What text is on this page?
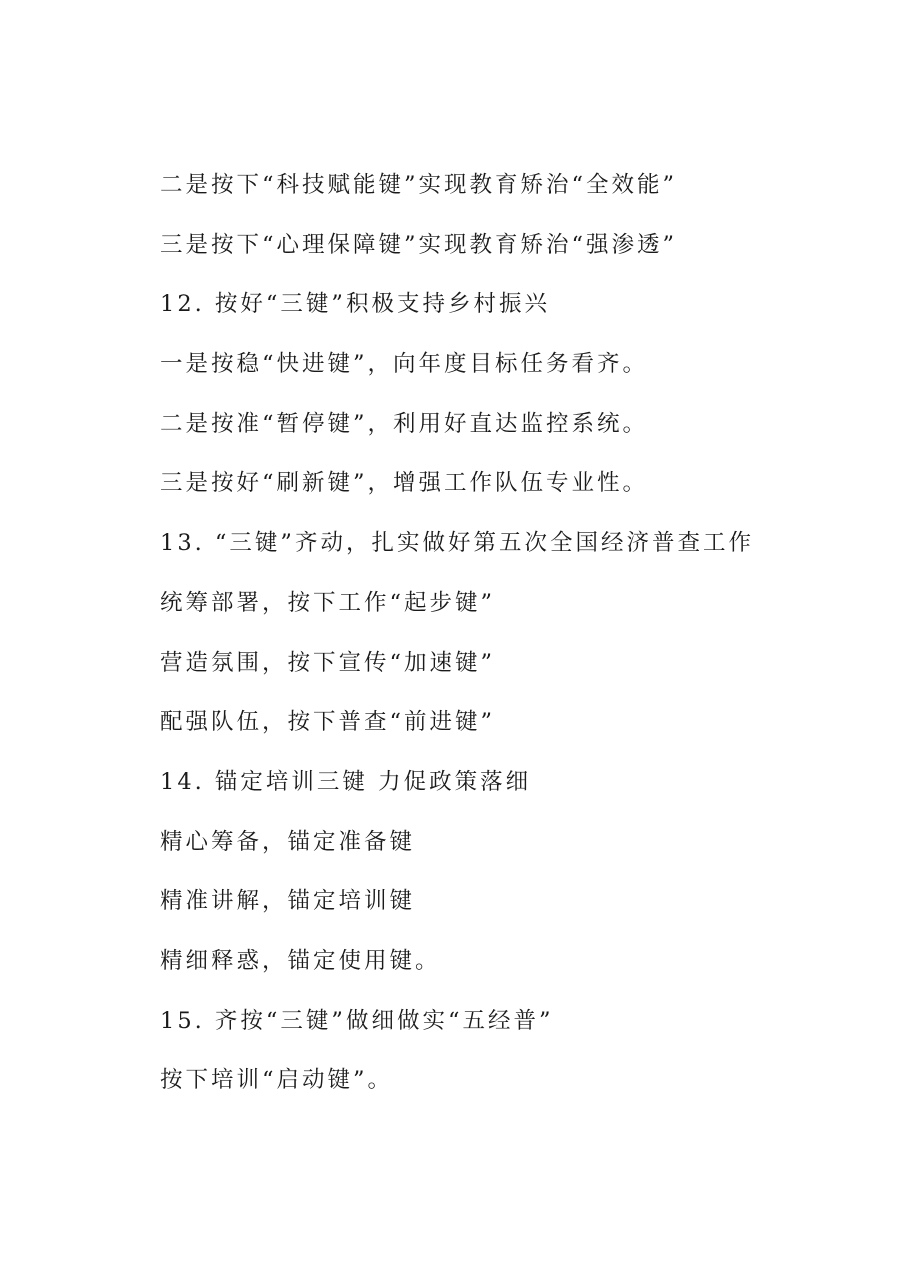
二是按下“科技赋能键”实现教育矫治“全效能”
三是按下“心理保障键”实现教育矫治“强渗透”
12. 按好“三键”积极支持乡村振兴
一是按稳“快进键”，向年度目标任务看齐。
二是按准“暂停键”，利用好直达监控系统。
三是按好“刷新键”，增强工作队伍专业性。
13. “三键”齐动，扎实做好第五次全国经济普查工作
统筹部署，按下工作“起步键”
营造氛围，按下宣传“加速键”
配强队伍，按下普查“前进键”
14. 锚定培训三键 力促政策落细
精心筹备，锚定准备键
精准讲解，锚定培训键
精细释惑，锚定使用键。
15. 齐按“三键”做细做实“五经普”
按下培训“启动键”。
